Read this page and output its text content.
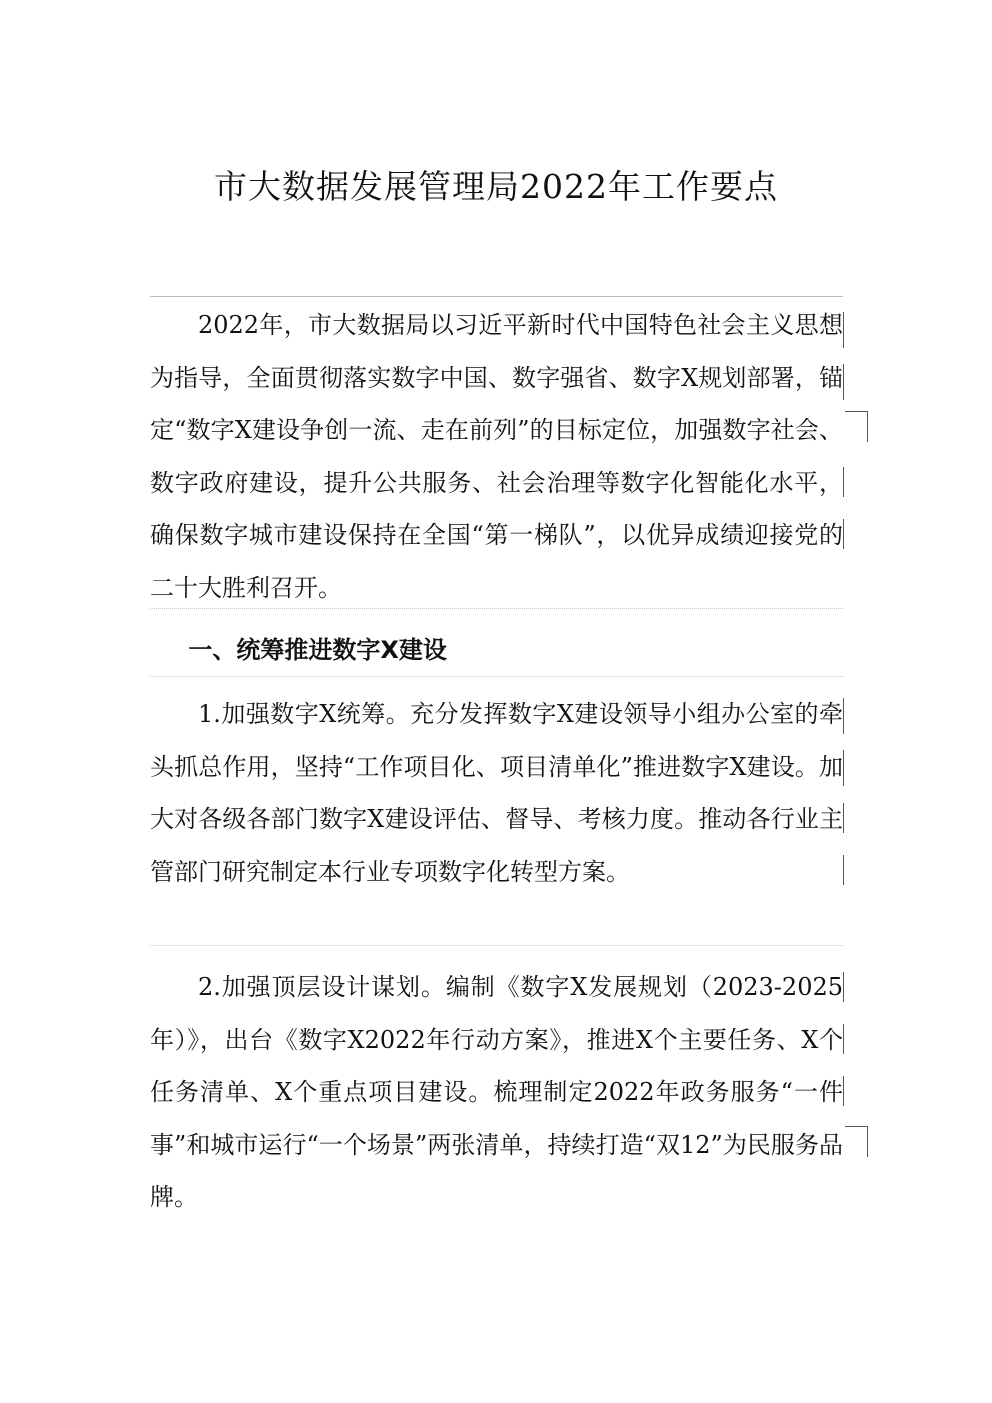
市大数据发展管理局2022年工作要点

2022年，市大数据局以习近平新时代中国特色社会主义思想为指导，全面贯彻落实数字中国、数字强省、数字X规划部署，锚定“数字X建设争创一流、走在前列”的目标定位，加强数字社会、数字政府建设，提升公共服务、社会治理等数字化智能化水平，确保数字城市建设保持在全国“第一梯队”，以优异成绩迎接党的二十大胜利召开。

一、统筹推进数字X建设

1.加强数字X统筹。充分发挥数字X建设领导小组办公室的牵头抓总作用，坚持“工作项目化、项目清单化”推进数字X建设。加大对各级各部门数字X建设评估、督导、考核力度。推动各行业主管部门研究制定本行业专项数字化转型方案。

2.加强顶层设计谋划。编制《数字X发展规划（2023-2025年）》，出台《数字X2022年行动方案》，推进X个主要任务、X个任务清单、X个重点项目建设。梳理制定2022年政务服务“一件事”和城市运行“一个场景”两张清单，持续打造“双12”为民服务品牌。
